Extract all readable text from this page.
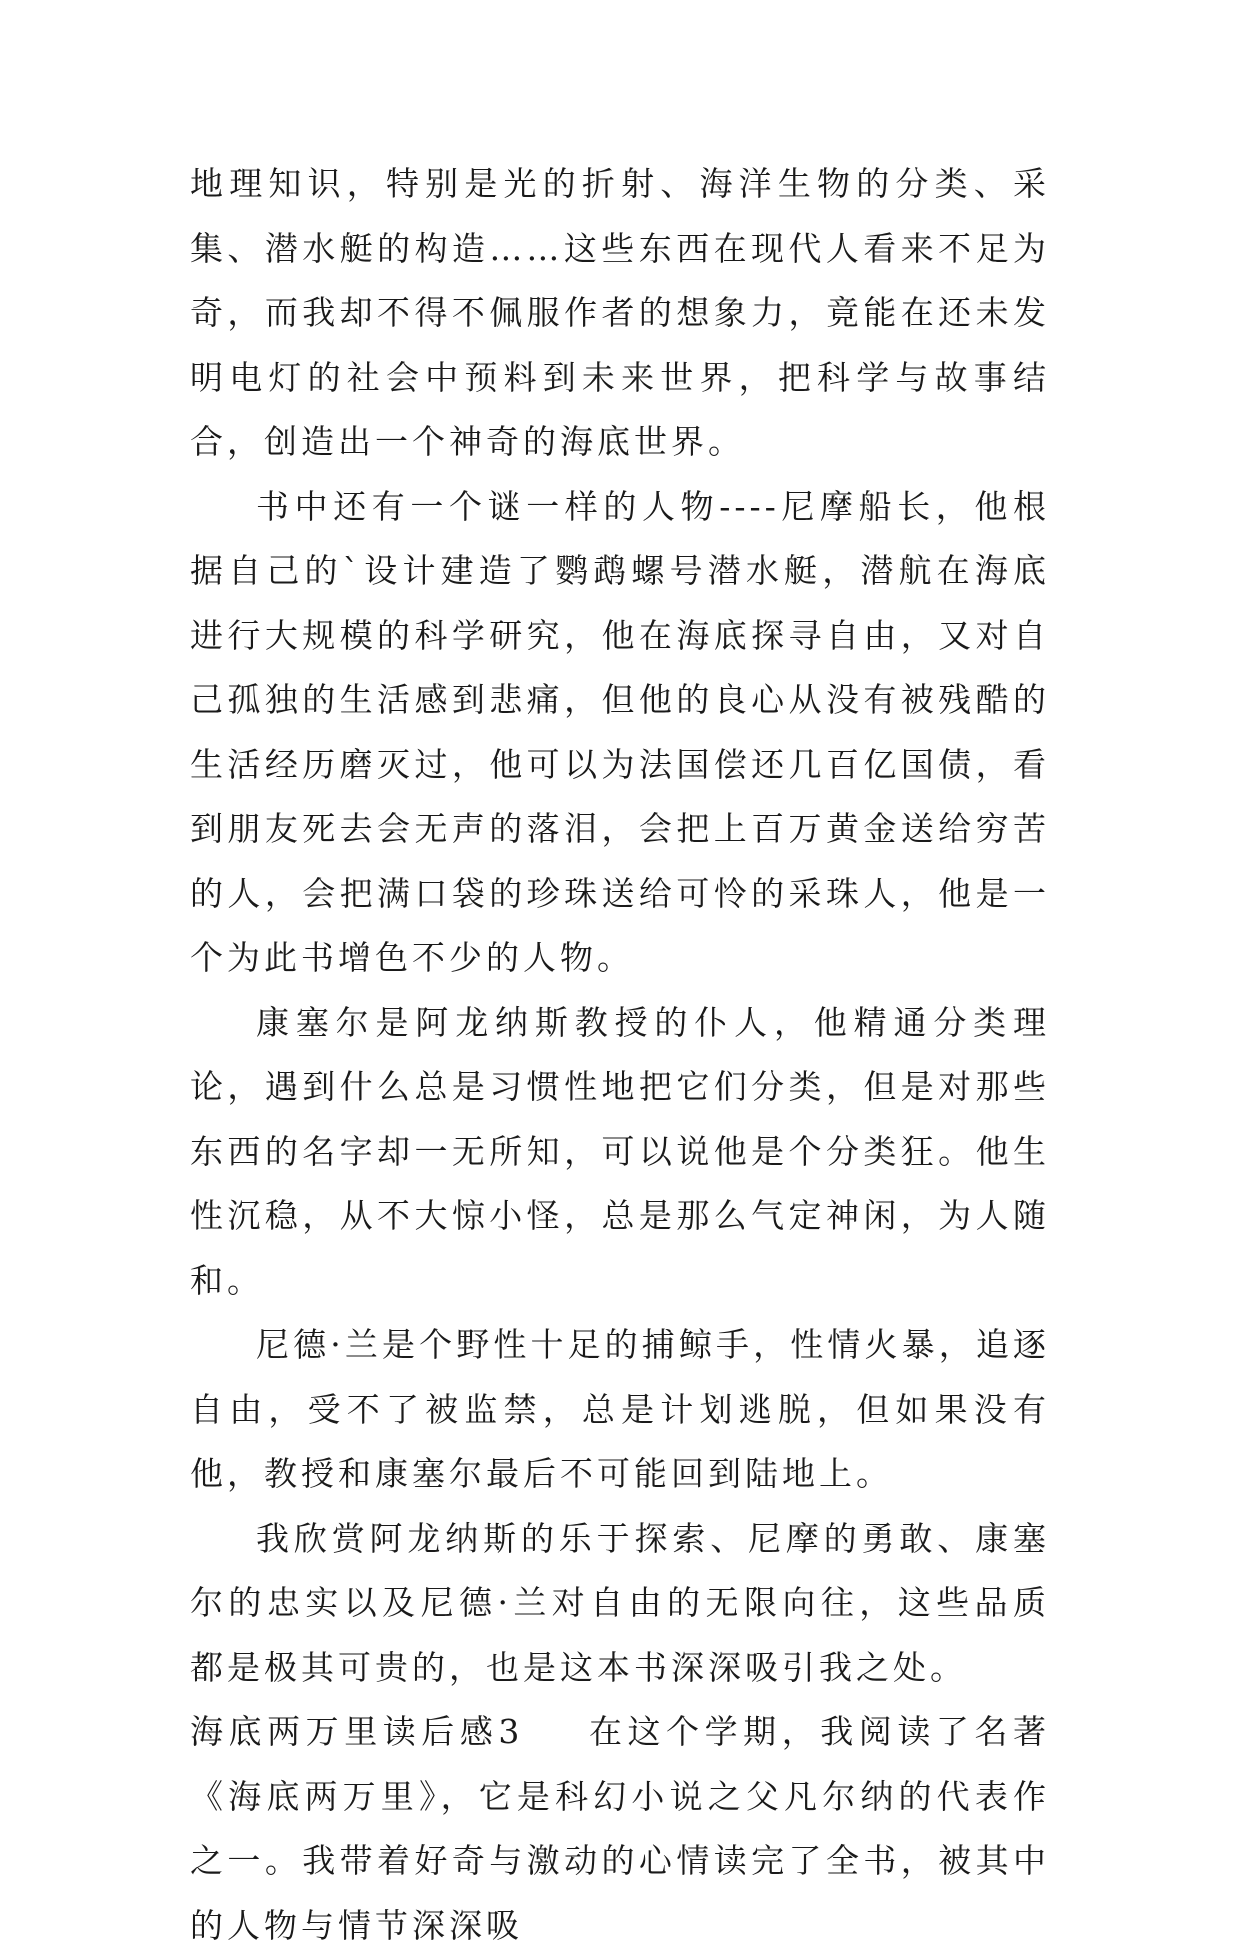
地理知识，特别是光的折射、海洋生物的分类、采集、潜水艇的构造……这些东西在现代人看来不足为奇，而我却不得不佩服作者的想象力，竟能在还未发明电灯的社会中预料到未来世界，把科学与故事结合，创造出一个神奇的海底世界。

书中还有一个谜一样的人物----尼摩船长，他根据自己的`设计建造了鹦鹉螺号潜水艇，潜航在海底进行大规模的科学研究，他在海底探寻自由，又对自己孤独的生活感到悲痛，但他的良心从没有被残酷的生活经历磨灭过，他可以为法国偿还几百亿国债，看到朋友死去会无声的落泪，会把上百万黄金送给穷苦的人，会把满口袋的珍珠送给可怜的采珠人，他是一个为此书增色不少的人物。

康塞尔是阿龙纳斯教授的仆人，他精通分类理论，遇到什么总是习惯性地把它们分类，但是对那些东西的名字却一无所知，可以说他是个分类狂。他生性沉稳，从不大惊小怪，总是那么气定神闲，为人随和。

尼德·兰是个野性十足的捕鲸手，性情火暴，追逐自由，受不了被监禁，总是计划逃脱，但如果没有他，教授和康塞尔最后不可能回到陆地上。

我欣赏阿龙纳斯的乐于探索、尼摩的勇敢、康塞尔的忠实以及尼德·兰对自由的无限向往，这些品质都是极其可贵的，也是这本书深深吸引我之处。

海底两万里读后感3 在这个学期，我阅读了名著《海底两万里》，它是科幻小说之父凡尔纳的代表作之一。我带着好奇与激动的心情读完了全书，被其中的人物与情节深深吸
